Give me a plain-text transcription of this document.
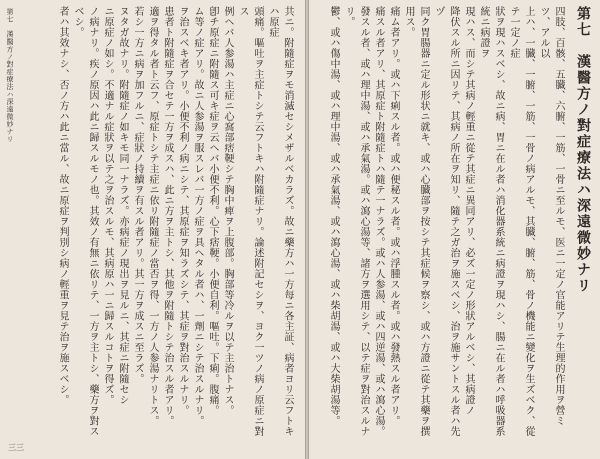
第七　漢醫方ノ對症療法ハ深遠微妙ナリ	共ニ。附隨症ヲモ消滅セシメザルベカラズ。故ニ藥方ハ一方每ニ各主証、病者ヨリ云フトキハ原症
頭痛。嘔吐ヲ主症トシテ云フトキハ附隨症ナリ。論述附記セシヲ、ヨク一ツノ病ノ原症ニ對ス
例ヘバ人参湯ハ主症ニ心窩部痞鞕シテ胸中痺ヲ上腹部。胸部等冷ルヲ以テ主治トナス。
卽チ原症ニ附隨ス可キ症ヲ云ヘバ小便不利。心下痞鞕。小便自利。嘔吐。下痢。腹痛。
ム等ノ症アリ。故ニ人参湯ヲ服スレバ一方ノ症ヲ具ヘタル者ハ、一劑ニシテ治スルナリ。
ヲ治スベキ者アリ。小便不利ノ病ニシテ、其原症ヲ知ラズシテ、其症ヲ對治スルナリ。
患者ト附隨症ヲ合セテ一方ヲ成スハ、此ニ方ヲ主トシ、其他ヲ附隨トシテ治スル者アリ。
適ヲ得タル者ト云フ、原症トシテ主症ニ依リ附隨症ノ當否ヲ得、一方ノ人参湯ナリトス。
若シ一方ニ病ヲ加フルニ、症狀ノ持續ヲ有スル者アリ。其一方ヲ成スニ至ラズ。
ヌタガ故ナリ。附隨症ノ如キモ同一ナラズ。亦病症ノ現出ヲ見ルニ、其症ニ附隨セシ
ニ原症ノ如シ。不適ナル症狀ヲ以テ之ヲ治スルモ、其病原ハ一ニ歸スルコトヲ得ズ。
ノ病ナリ。疾ノ原因ハ此ニ歸スルモノ也。其效ノ有無ニ依リテ、一方ヲ主トシ、藥方ヲ對スベシ。
者ハ其效ナシ、否ノ方ハ此ニ當ル、故ニ原症ヲ判別シ病ノ輕重ヲ見テ治ヲ施スベシ。
三三
第七　漢醫方ノ對症療法ハ深遠微妙ナリ
四肢、百骸、五臓、六腑、一筋、一骨ニ至ルモ、医ニ一定ノ官能アリテ生理的作用ヲ營ミツ、アル以
上ハ、一臓、一腑、一筋、一骨ノ病アルモ、其臓、腑、筋、骨ノ機能ニ變化ヲ生ズベク、從テ一定ノ症
狀ヲ現ハスベシ、故ニ病、胃ニ在ル者ハ消化器系統ニ病證ヲ現ハシ、腸ニ在ル者ハ呼吸器系統ニ病證ヲ
現ハス、而シテ其病ノ輕重ニ從テ其症ニ異同アリ、必ズ一定ノ形狀アルベシ、其病證ノ
降伏スル所ニ因リテ、其病ノ所在ヲ知リ、隨テ之ガ治ヲ施スベシ、治ヲ施サントスル者ハ先ヅ
同ク胃腸器ニ定ル形状ニ就キ、或ハ心臓部ヲ按シテ其症候ヲ察シ、或ハ方證ニ從テ其藥ヲ撰用ス。
痛ム者アリ。或ハ下痢スル者。或ハ便秘スル者。或ハ浮腫スル者。或ハ發熱スル者アリ。
痛スル者アリ、其原症ト附隨症トハ隨テ一ナラズ。或ハ人参湯、或ハ四逆湯、或ハ瀉心湯。
發スル者、或ハ理中湯、或ハ承氣湯。或ハ瀉心湯等、諸方ヲ選用シテ、以テ症ヲ對治スルナリ。
鬱、或ハ傷中湯、或ハ理中湯、或ハ承氣湯、或ハ瀉心湯、或ハ柴胡湯、或ハ大柴胡湯等。
